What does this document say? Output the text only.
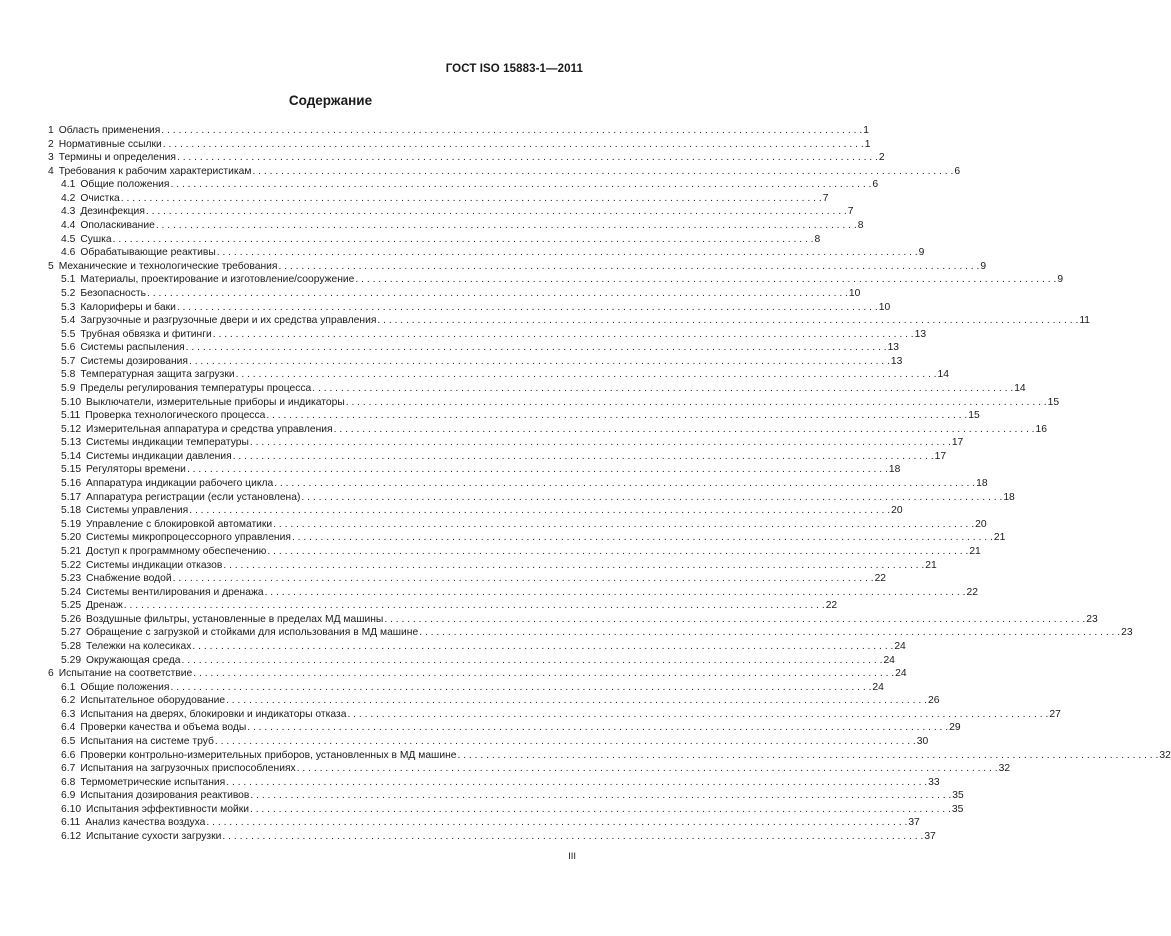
ГОСТ ISO 15883-1—2011
Содержание
1 Область применения . . .	1
2 Нормативные ссылки . . .	1
3 Термины и определения . . .	2
4 Требования к рабочим характеристикам . . .	6
4.1 Общие положения . . .	6
4.2 Очистка . . .	7
4.3 Дезинфекция . . .	7
4.4 Ополаскивание . . .	8
4.5 Сушка . . .	8
4.6 Обрабатывающие реактивы . . .	9
5 Механические и технологические требования . . .	9
5.1 Материалы, проектирование и изготовление/сооружение . . .	9
5.2 Безопасность . . .	10
5.3 Калориферы и баки . . .	10
5.4 Загрузочные и разгрузочные двери и их средства управления . . .	11
5.5 Трубная обвязка и фитинги . . .	13
5.6 Системы распыления . . .	13
5.7 Системы дозирования . . .	13
5.8 Температурная защита загрузки . . .	14
5.9 Пределы регулирования температуры процесса . . .	14
5.10 Выключатели, измерительные приборы и индикаторы . . .	15
5.11 Проверка технологического процесса . . .	15
5.12 Измерительная аппаратура и средства управления . . .	16
5.13 Системы индикации температуры . . .	17
5.14 Системы индикации давления . . .	17
5.15 Регуляторы времени . . .	18
5.16 Аппаратура индикации рабочего цикла . . .	18
5.17 Аппаратура регистрации (если установлена) . . .	18
5.18 Системы управления . . .	20
5.19 Управление с блокировкой автоматики . . .	20
5.20 Системы микропроцессорного управления . . .	21
5.21 Доступ к программному обеспечению . . .	21
5.22 Системы индикации отказов . . .	21
5.23 Снабжение водой . . .	22
5.24 Системы вентилирования и дренажа . . .	22
5.25 Дренаж . . .	22
5.26 Воздушные фильтры, установленные в пределах МД машины . . .	23
5.27 Обращение с загрузкой и стойками для использования в МД машине . . .	23
5.28 Тележки на колесиках . . .	24
5.29 Окружающая среда . . .	24
6 Испытание на соответствие . . .	24
6.1 Общие положения . . .	24
6.2 Испытательное оборудование . . .	26
6.3 Испытания на дверях, блокировки и индикаторы отказа . . .	27
6.4 Проверки качества и объема воды . . .	29
6.5 Испытания на системе труб . . .	30
6.6 Проверки контрольно-измерительных приборов, установленных в МД машине . . .	32
6.7 Испытания на загрузочных приспособлениях . . .	32
6.8 Термометрические испытания . . .	33
6.9 Испытания дозирования реактивов . . .	35
6.10 Испытания эффективности мойки . . .	35
6.11 Анализ качества воздуха . . .	37
6.12 Испытание сухости загрузки . . .	37
III
